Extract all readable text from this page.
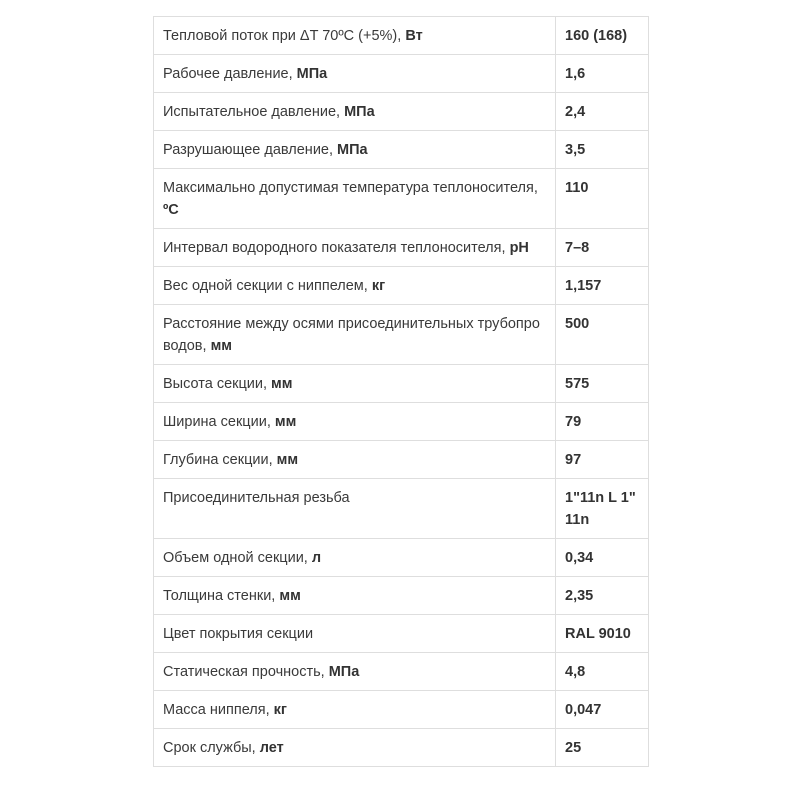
Тепловой поток при ΔT 70ºC (+5%), Вт	160 (168)
Рабочее давление, МПа	1,6
Испытательное давление, МПа	2,4
Разрушающее давление, МПа	3,5
Максимально допустимая температура теплоносителя, ºC	110
Интервал водородного показателя теплоносителя, pH	7–8
Вес одной секции с ниппелем, кг	1,157
Расстояние между осями присоединительных трубопроводов, мм	500
Высота секции, мм	575
Ширина секции, мм	79
Глубина секции, мм	97
Присоединительная резьба	1"11n L 1" 11n
Объем одной секции, л	0,34
Толщина стенки, мм	2,35
Цвет покрытия секции	RAL 9010
Статическая прочность, МПа	4,8
Масса ниппеля, кг	0,047
Срок службы, лет	25
